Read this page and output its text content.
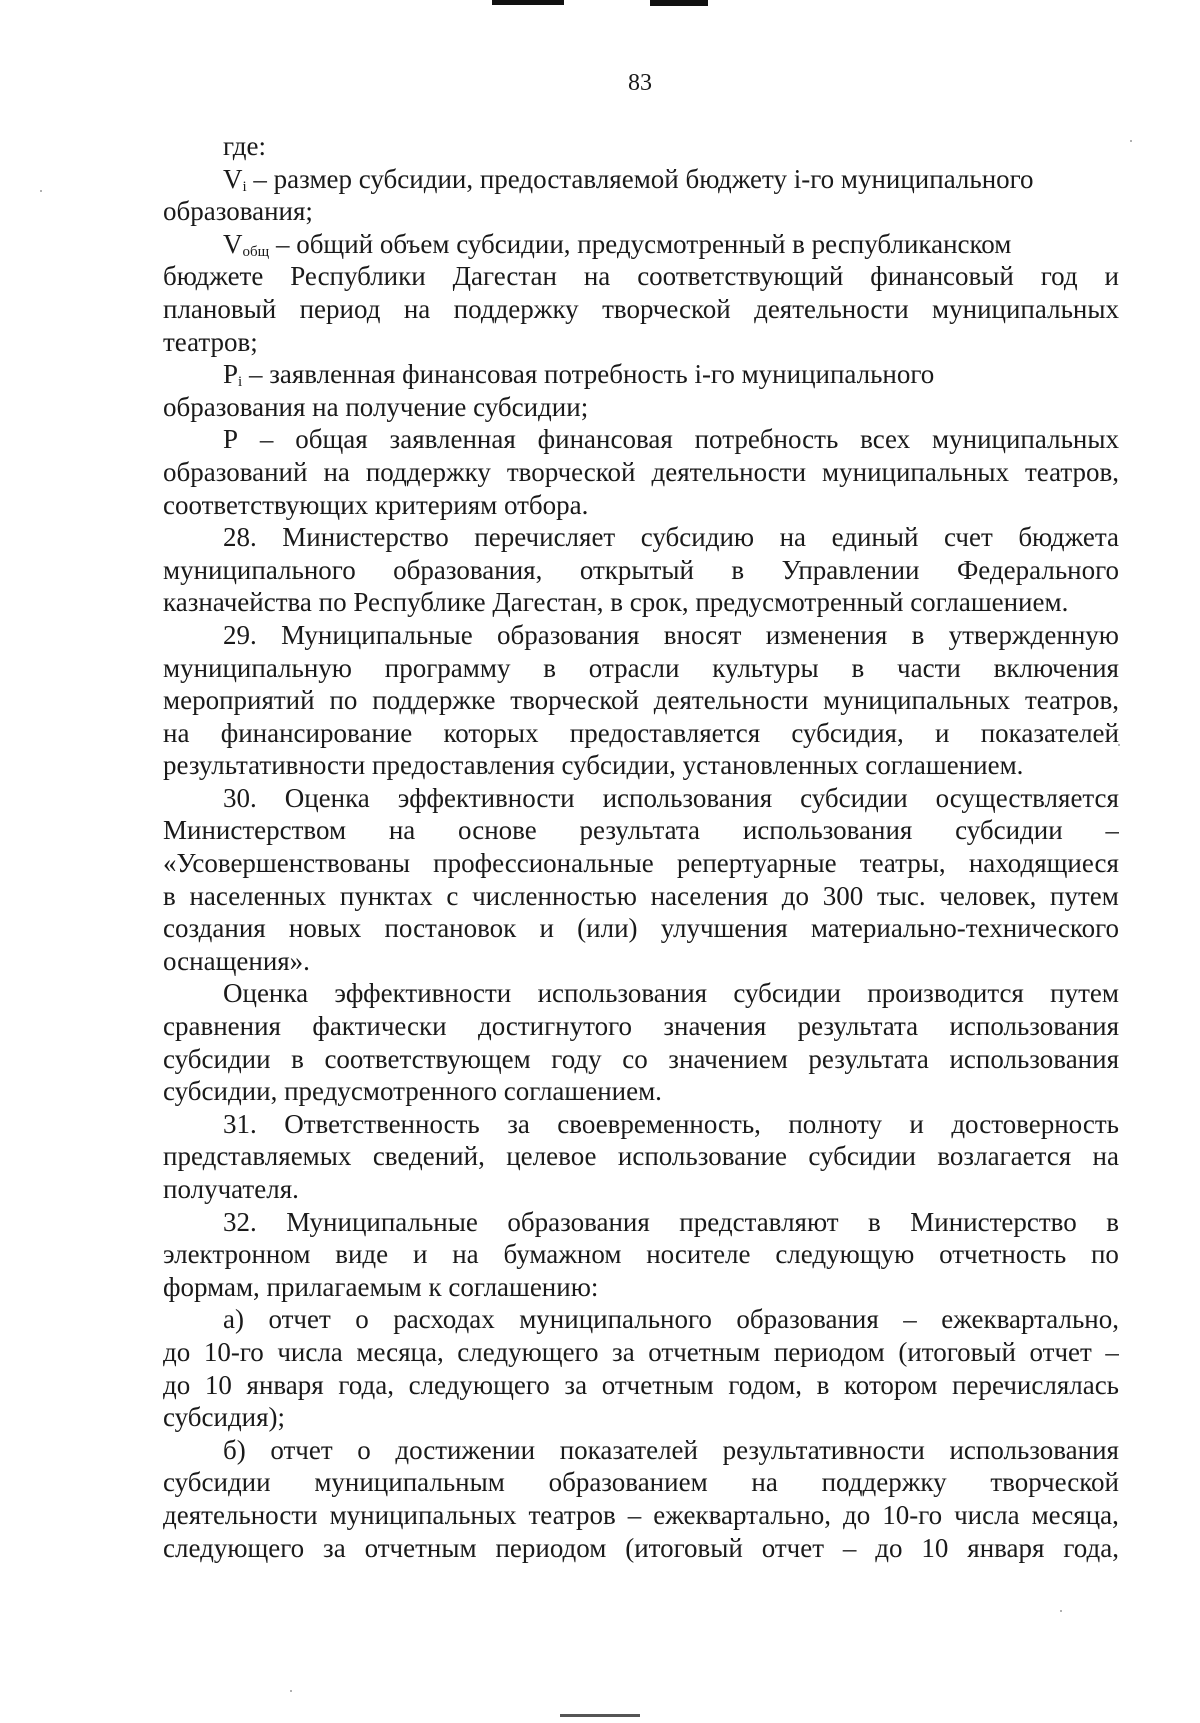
83
где:
$V_i$ – размер субсидии, предоставляемой бюджету i-го муниципального
образования;
$V_{общ}$ – общий объем субсидии, предусмотренный в республиканском
бюджете Республики Дагестан на соответствующий финансовый год и
плановый период на поддержку творческой деятельности муниципальных
театров;
$P_i$ – заявленная финансовая потребность i-го муниципального
образования на получение субсидии;
P – общая заявленная финансовая потребность всех муниципальных
образований на поддержку творческой деятельности муниципальных театров,
соответствующих критериям отбора.
28. Министерство перечисляет субсидию на единый счет бюджета
муниципального образования, открытый в Управлении Федерального
казначейства по Республике Дагестан, в срок, предусмотренный соглашением.
29. Муниципальные образования вносят изменения в утвержденную
муниципальную программу в отрасли культуры в части включения
мероприятий по поддержке творческой деятельности муниципальных театров,
на финансирование которых предоставляется субсидия, и показателей
результативности предоставления субсидии, установленных соглашением.
30. Оценка эффективности использования субсидии осуществляется
Министерством на основе результата использования субсидии –
«Усовершенствованы профессиональные репертуарные театры, находящиеся
в населенных пунктах с численностью населения до 300 тыс. человек, путем
создания новых постановок и (или) улучшения материально-технического
оснащения».
Оценка эффективности использования субсидии производится путем
сравнения фактически достигнутого значения результата использования
субсидии в соответствующем году со значением результата использования
субсидии, предусмотренного соглашением.
31. Ответственность за своевременность, полноту и достоверность
представляемых сведений, целевое использование субсидии возлагается на
получателя.
32. Муниципальные образования представляют в Министерство в
электронном виде и на бумажном носителе следующую отчетность по
формам, прилагаемым к соглашению:
а) отчет о расходах муниципального образования – ежеквартально,
до 10-го числа месяца, следующего за отчетным периодом (итоговый отчет –
до 10 января года, следующего за отчетным годом, в котором перечислялась
субсидия);
б) отчет о достижении показателей результативности использования
субсидии муниципальным образованием на поддержку творческой
деятельности муниципальных театров – ежеквартально, до 10-го числа месяца,
следующего за отчетным периодом (итоговый отчет – до 10 января года,
